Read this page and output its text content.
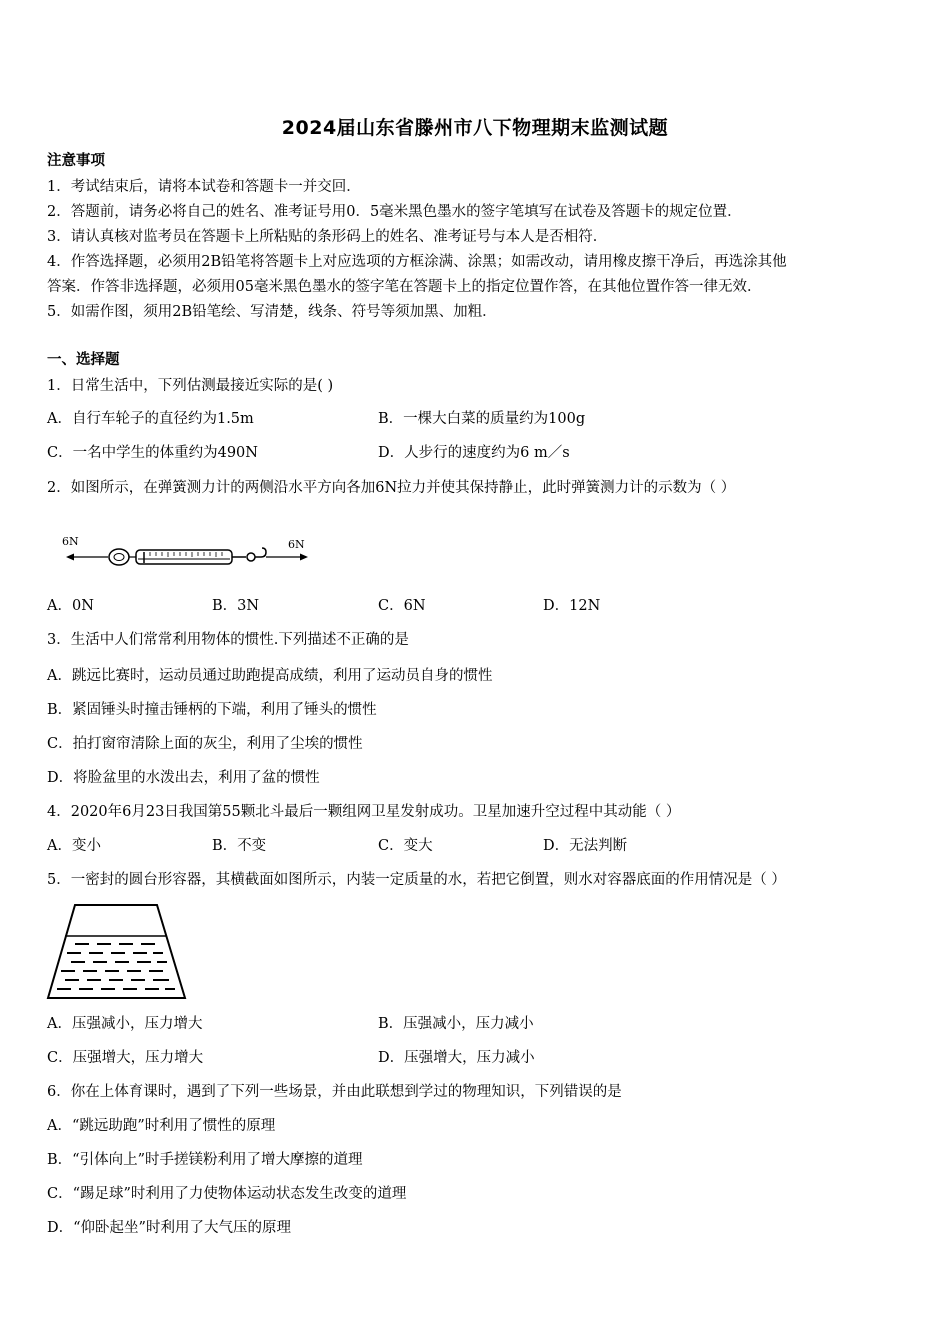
2024届山东省滕州市八下物理期末监测试题
注意事项
1．考试结束后，请将本试卷和答题卡一并交回．
2．答题前，请务必将自己的姓名、准考证号用0．5毫米黑色墨水的签字笔填写在试卷及答题卡的规定位置．
3．请认真核对监考员在答题卡上所粘贴的条形码上的姓名、准考证号与本人是否相符．
4．作答选择题，必须用2B铅笔将答题卡上对应选项的方框涂满、涂黑；如需改动，请用橡皮擦干净后，再选涂其他
答案．作答非选择题，必须用05毫米黑色墨水的签字笔在答题卡上的指定位置作答，在其他位置作答一律无效．
5．如需作图，须用2B铅笔绘、写清楚，线条、符号等须加黑、加粗．
一、选择题
1．日常生活中，下列估测最接近实际的是( )
A．自行车轮子的直径约为1.5m	B．一棵大白菜的质量约为100g
C．一名中学生的体重约为490N	D．人步行的速度约为6 m／s
2．如图所示，在弹簧测力计的两侧沿水平方向各加6N拉力并使其保持静止，此时弹簧测力计的示数为（ ）
6N	6N
A．0N	B．3N	C．6N	D．12N
3．生活中人们常常利用物体的惯性.下列描述不正确的是
A．跳远比赛时，运动员通过助跑提高成绩，利用了运动员自身的惯性
B．紧固锤头时撞击锤柄的下端，利用了锤头的惯性
C．拍打窗帘清除上面的灰尘，利用了尘埃的惯性
D．将脸盆里的水泼出去，利用了盆的惯性
4．2020年6月23日我国第55颗北斗最后一颗组网卫星发射成功。卫星加速升空过程中其动能（ ）
A．变小	B．不变	C．变大	D．无法判断
5．一密封的圆台形容器，其横截面如图所示，内装一定质量的水，若把它倒置，则水对容器底面的作用情况是（ ）
A．压强减小，压力增大	B．压强减小，压力减小
C．压强增大，压力增大	D．压强增大，压力减小
6．你在上体育课时，遇到了下列一些场景，并由此联想到学过的物理知识，下列错误的是
A．“跳远助跑”时利用了惯性的原理
B．“引体向上”时手搓镁粉利用了增大摩擦的道理
C．“踢足球”时利用了力使物体运动状态发生改变的道理
D．“仰卧起坐”时利用了大气压的原理
